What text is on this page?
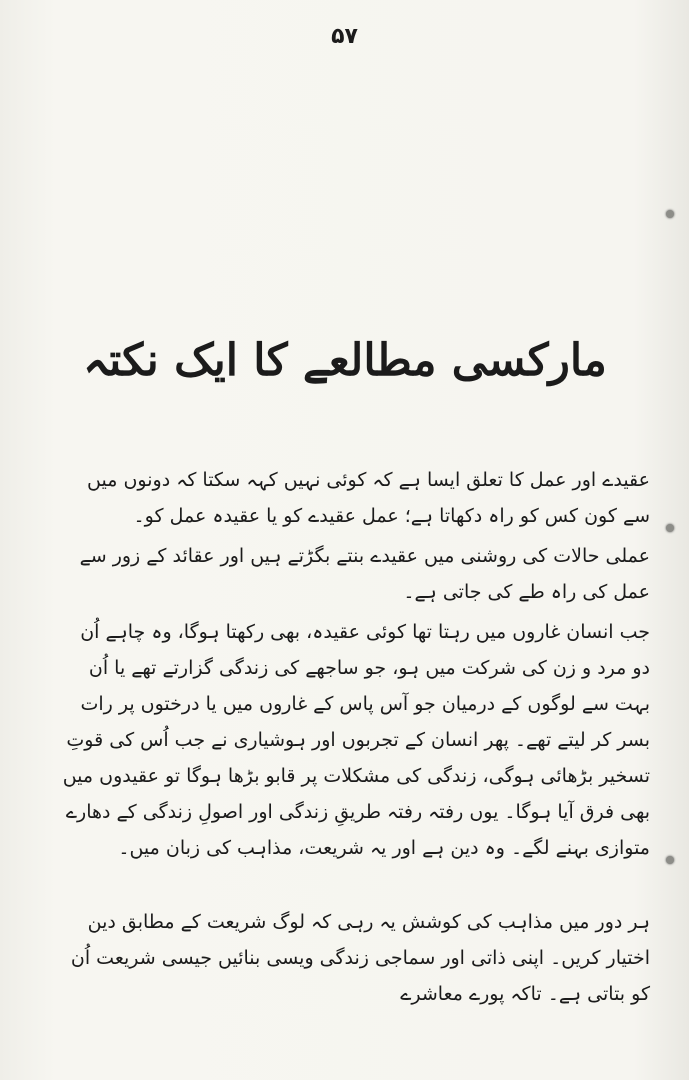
۵۷
مارکسی مطالعے کا ایک نکتہ

عقیدے اور عمل کا تعلق ایسا ہے کہ کوئی نہیں کہہ سکتا کہ دونوں میں سے کون کس کو راہ دکھاتا ہے؛ عمل عقیدے کو یا عقیدہ عمل کو۔

عملی حالات کی روشنی میں عقیدے بنتے بگڑتے ہیں اور عقائد کے زور سے عمل کی راہ طے کی جاتی ہے۔

جب انسان غاروں میں رہتا تھا کوئی عقیدہ، بھی رکھتا ہوگا، وہ چاہے اُن دو مرد و زن کی شرکت میں ہو، جو ساجھے کی زندگی گزارتے تھے یا اُن بہت سے لوگوں کے درمیان جو آس پاس کے غاروں میں یا درختوں پر رات بسر کر لیتے تھے۔ پھر انسان کے تجربوں اور ہوشیاری نے جب اُس کی قوتِ تسخیر بڑھائی ہوگی، زندگی کی مشکلات پر قابو بڑھا ہوگا تو عقیدوں میں بھی فرق آیا ہوگا۔ یوں رفتہ رفتہ طریقِ زندگی اور اصولِ زندگی کے دھارے متوازی بہنے لگے۔ وہ دین ہے اور یہ شریعت، مذاہب کی زبان میں۔

ہر دور میں مذاہب کی کوشش یہ رہی کہ لوگ شریعت کے مطابق دین اختیار کریں۔ اپنی ذاتی اور سماجی زندگی ویسی بنائیں جیسی شریعت اُن کو بتاتی ہے۔ تاکہ پورے معاشرے
